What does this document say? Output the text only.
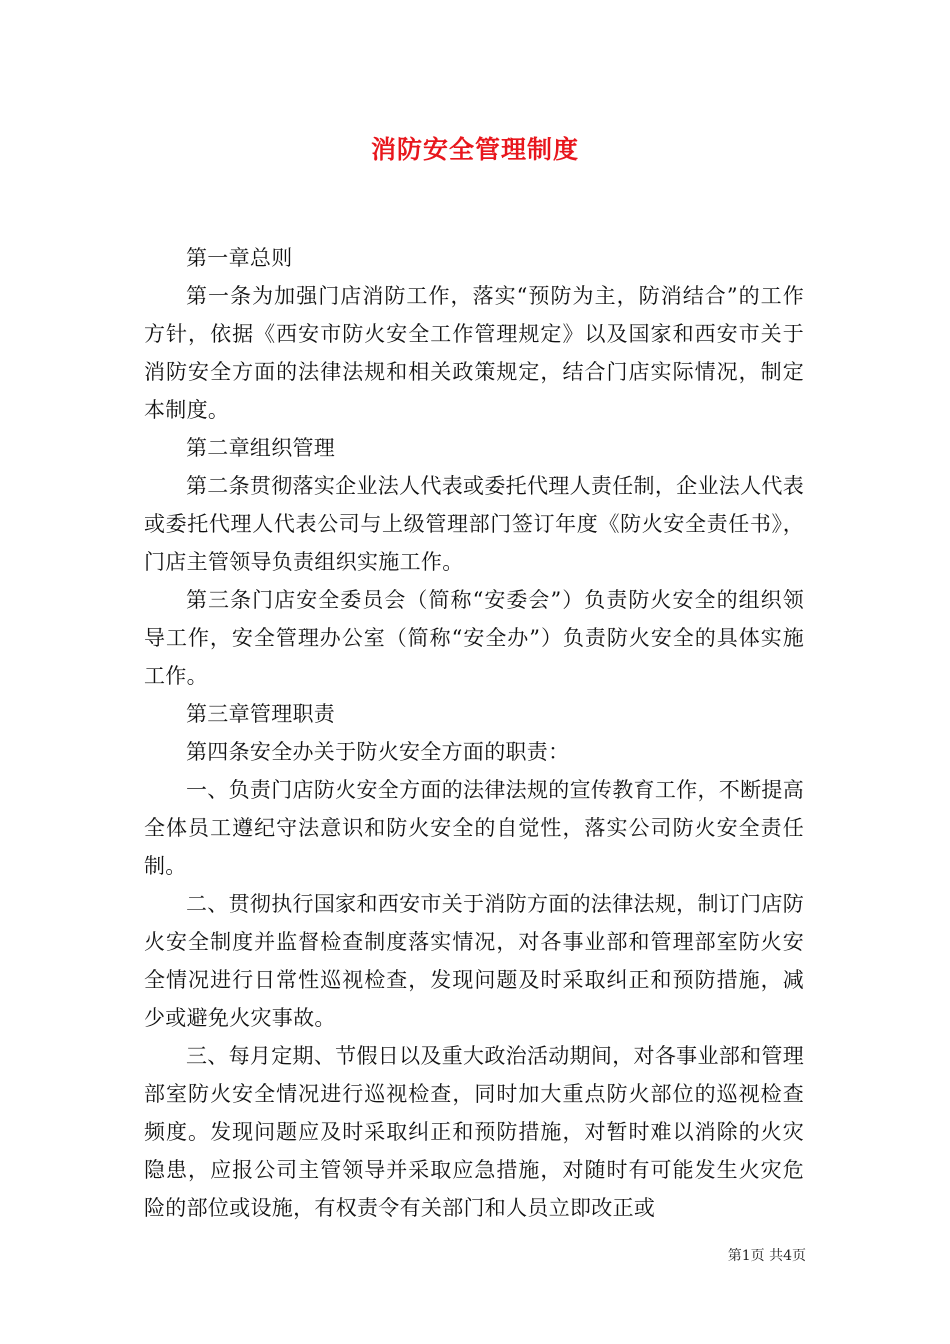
消防安全管理制度

第一章总则

第一条为加强门店消防工作，落实“预防为主，防消结合”的工作方针，依据《西安市防火安全工作管理规定》以及国家和西安市关于消防安全方面的法律法规和相关政策规定，结合门店实际情况，制定本制度。

第二章组织管理

第二条贯彻落实企业法人代表或委托代理人责任制，企业法人代表或委托代理人代表公司与上级管理部门签订年度《防火安全责任书》，门店主管领导负责组织实施工作。

第三条门店安全委员会（简称“安委会”）负责防火安全的组织领导工作，安全管理办公室（简称“安全办”）负责防火安全的具体实施工作。

第三章管理职责

第四条安全办关于防火安全方面的职责：

一、负责门店防火安全方面的法律法规的宣传教育工作，不断提高全体员工遵纪守法意识和防火安全的自觉性，落实公司防火安全责任制。

二、贯彻执行国家和西安市关于消防方面的法律法规，制订门店防火安全制度并监督检查制度落实情况，对各事业部和管理部室防火安全情况进行日常性巡视检查，发现问题及时采取纠正和预防措施，减少或避免火灾事故。

三、每月定期、节假日以及重大政治活动期间，对各事业部和管理部室防火安全情况进行巡视检查，同时加大重点防火部位的巡视检查频度。发现问题应及时采取纠正和预防措施，对暂时难以消除的火灾隐患，应报公司主管领导并采取应急措施，对随时有可能发生火灾危险的部位或设施，有权责令有关部门和人员立即改正或

第1页 共4页
